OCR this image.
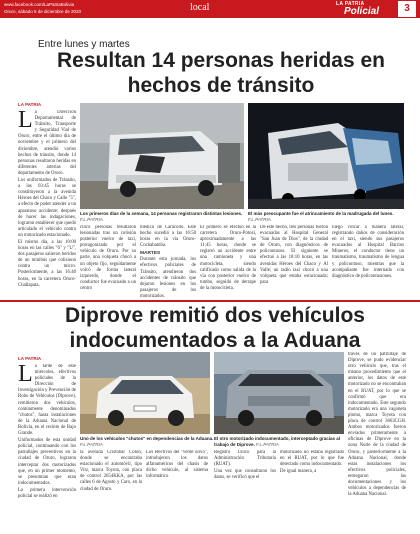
www.facebook.com/LaPatriaBolivia
Oruro, sábado 5 de diciembre de 2020	local	LA PATRIA
Policial	3
Entre lunes y martes
Resultan 14 personas heridas en hechos de tránsito
LA PATRIA
L a Dirección Departamental de Tránsito, Transporte y Seguridad Vial de Oruro, entre el último día de noviembre y el primero del diciembre, atendió varios hechos de tránsito, donde 14 personas resultaron heridas en diferentes arterias del departamento de Oruro.

Los uniformados de Tránsito, a las 03:45 horas se constituyeron a la avenida Héroes del Chaco y Calle "5", a efecto de poder atender a un aparatoso accidente; después de hacer las indagaciones, lograron establecer que quedó articulado el vehículo contra un motorizado estacionado.

El mismo día, a las 10:00 horas en las calles "6" y "U", dos pasajeros salieron heridos de un minibús que colisionó contra un micro. Posteriormente, a las 16:40 horas, en la carretera Oruro-Challapata,

Los primeros días de la semana, 14 personas registraron distintas lesiones. F.L.PATRIA
El más preocupante fue el atrincamiento de la madrugada del lunes. F.L.PATRIA
cinco personas resultaron lesionadas tras un colisión posterior vuelco de taxi, protagonizado por el vehículo de Oruro. Por su parte, una volqueta chocó a un objeto fijo, seguidamente volcó de forma lateral izquierdo, donde el conductor fue evacuado a un centro

médico de Caracollo. Este hecho sucedió a las 16:50 horas en la vía Oruro-Cochabamba.

MARTES

Durante esta jornada, los efectivos policiales de Tránsito, atendieron dos accidentes de tránsito que dejaron lesiones en los pasajeros de los motorizados.

El primero se efectuó en la carretera Oruro-Potosí, aproximadamente a las 11:45 horas, donde se registró un accidente entre una camioneta y una motocicleta, siendo calificado como salida de la vía con posterior vuelco de tumbo, seguido de derrape de la motocicleta.
De este hecho, tres personas fueron evacuadas al Hospital General "San Juan de Dios", de la ciudad de Oruro, con diagnósticos de policontusos. El siguiente se efectuó a las 18:10 horas, en las avenidas Héroes del Chaco y Al Valle; un radio taxi chocó a una volqueta que estaba estacionada; para
luego volcar a manera lateral, registrando daños de consideración en el taxi, siendo sus pasajeros evacuados al Hospital Barrios Mineros, el conductor tiene un traumatismo, traumatismo de lengua y policontuso, mientras que la acompañante fue internada con diagnóstico de policontusiones.
Diprove remitió dos vehículos indocumentados a la Aduana
LA PATRIA
L a tarde de este miércoles, efectivos policiales de la Dirección de Investigación y Prevención de Robo de Vehículos (Diprove), remitieron dos vehículos, comúnmente denominados "chutos", hasta instalaciones de la Aduana Nacional de Bolivia, en el recinto de Bajo Grande.

Uniformados de esta unidad policial, continuando con los patrullajes preventivos en la ciudad de Oruro, lograron interceptar dos motorizados que, en un primer momento, se presumían que eran indocumentados.

La primera intervención policial se realizó en

Uno de los vehículos "chutos" en dependencias de la Aduana. F.L.PATRIA
El otro motorizado indocumentado, interceptado gracias al trabajo de Diprove. F.L.PATRIA
la avenida Cristóbal Colón, donde se encontraba estacionado el automóvil, tipo Vitz, marca Toyota, con placa de control 2654KKA, por las calles 6 de Agosto y Caro, en la ciudad de Oruro.
Los efectivos del "verde olivo", introdujeron los datos alfanuméricos del chasis de dicho vehículo, al sistema informático

Registro Único para la Administración Tributaria (RUAT).

Una vez que consultaron los datos, se verificó que el

motorizado no estaba registrado en el RUAT, por lo que fue detectado como indocumentado.

De igual manera, a

través de un patrullaje de Diprove, se pudo evidenciar otro vehículo que, tras el mismo procedimiento que el anterior, los datos de este motorizado no se encontraban en el RUAT, por lo que se confirmó que era indocumentado. Este segundo motorizado era una vagoneta plomo, marca Toyota con placa de control 3663CGH. Ambos motorizados fueron enviados primeramente a oficinas de Diprove en la zona Norte de la ciudad de Oruro, y posteriormente a la Aduana Nacional, donde estas instalaciones los efectivos policiales, entregaron las documentaciones y los vehículos a dependencias de la Aduana Nacional.
